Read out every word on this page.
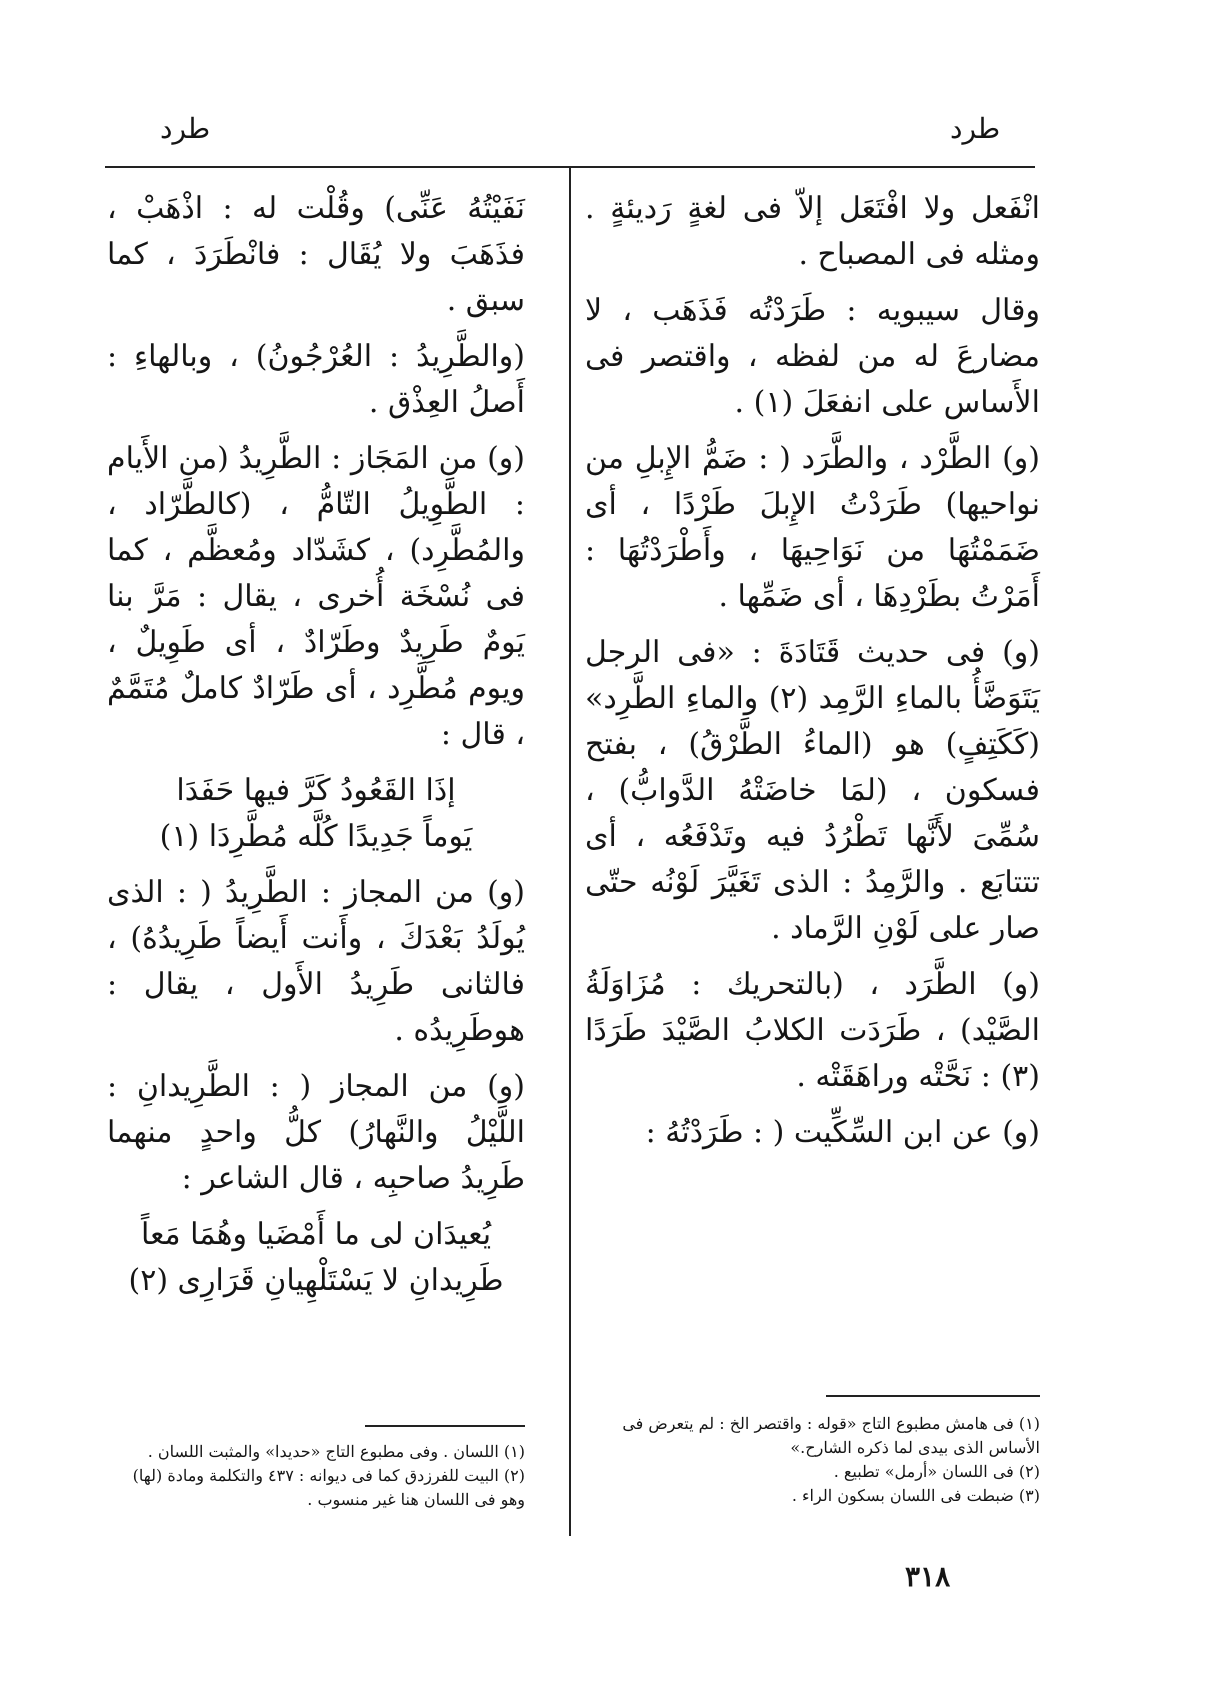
طرد
طرد

انْفَعل ولا افْتَعَل إلاّ فى لغةٍ رَديئةٍ . ومثله فى المصباح .

وقال سيبويه : طَرَدْتُه فَذَهَب ، لا مضارعَ له من لفظه ، واقتصر فى الأَساس على انفعَلَ (١) .

(و) الطَّرْد ، والطَّرَد ( : ضَمُّ الإِبلِ من نواحيها) طَرَدْتُ الإِبلَ طَرْدًا ، أى ضَمَمْتُهَا من نَوَاحِيهَا ، وأَطْرَدْتُهَا : أَمَرْتُ بطَرْدِهَا ، أى ضَمِّها .

(و) فى حديث قَتَادَةَ : «فى الرجل يَتَوَضَّأُ بالماءِ الرَّمِد (٢) والماءِ الطَّرِد» (كَكَتِفٍ) هو (الماءُ الطَّرْقُ) ، بفتح فسكون ، (لمَا خاضَتْهُ الدَّوابُّ) ، سُمِّىَ لأَنَّها تَطْرُدُ فيه وتَدْفَعُه ، أى تتتابَع . والرَّمِدُ : الذى تَغَيَّرَ لَوْنُه حتّى صار على لَوْنِ الرَّماد .

(و) الطَّرَد ، (بالتحريك : مُزَاوَلَةُ الصَّيْد) ، طَرَدَت الكلابُ الصَّيْدَ طَرَدًا (٣) : نَحَّتْه وراهَقَتْه .

(و) عن ابن السِّكِّيت ( : طَرَدْتُهُ :

نَفَيْتُهُ عَنِّى) وقُلْت له : اذْهَبْ ، فذَهَبَ ولا يُقَال : فانْطَرَدَ ، كما سبق .

(والطَّرِيدُ : العُرْجُونُ) ، وبالهاءِ : أَصلُ العِذْق .

(و) من المَجَاز : الطَّرِيدُ (من الأَيام : الطَّوِيلُ التّامُّ ، (كالطَّرّاد ، والمُطَّرِد) ، كشَدّاد ومُعظَّم ، كما فى نُسْخَة أُخرى ، يقال : مَرَّ بنا يَومٌ طَرِيدٌ وطَرّادٌ ، أى طَوِيلٌ ، ويوم مُطَّرِد ، أى طَرّادٌ كاملٌ مُتَمَّمٌ ، قال :

إذَا القَعُودُ كَرَّ فيها حَفَدَا
يَوماً جَدِيدًا كُلَّه مُطَّرِدَا (١)

(و) من المجاز : الطَّرِيدُ ( : الذى يُولَدُ بَعْدَكَ ، وأَنت أَيضاً طَرِيدُهُ) ، فالثانى طَرِيدُ الأَول ، يقال : هوطَرِيدُه .

(و) من المجاز ( : الطَّرِيدانِ : اللَّيْلُ والنَّهارُ) كلُّ واحدٍ منهما طَرِيدُ صاحبِه ، قال الشاعر :

يُعيدَان لى ما أَمْضَيا وهُمَا مَعاً
طَرِيدانِ لا يَسْتَلْهِيانِ قَرَارِى (٢)
(١) فى هامش مطبوع التاج «قوله : واقتصر الخ : لم يتعرض فى الأساس الذى بيدى لما ذكره الشارح.»
(٢) فى اللسان «أرمل» تطبيع .
(٣) ضبطت فى اللسان بسكون الراء .
(١) اللسان . وفى مطبوع التاج «حديدا» والمثبت اللسان .
(٢) البيت للفرزدق كما فى ديوانه : ٤٣٧ والتكلمة ومادة (لها) وهو فى اللسان هنا غير منسوب .
٣١٨
